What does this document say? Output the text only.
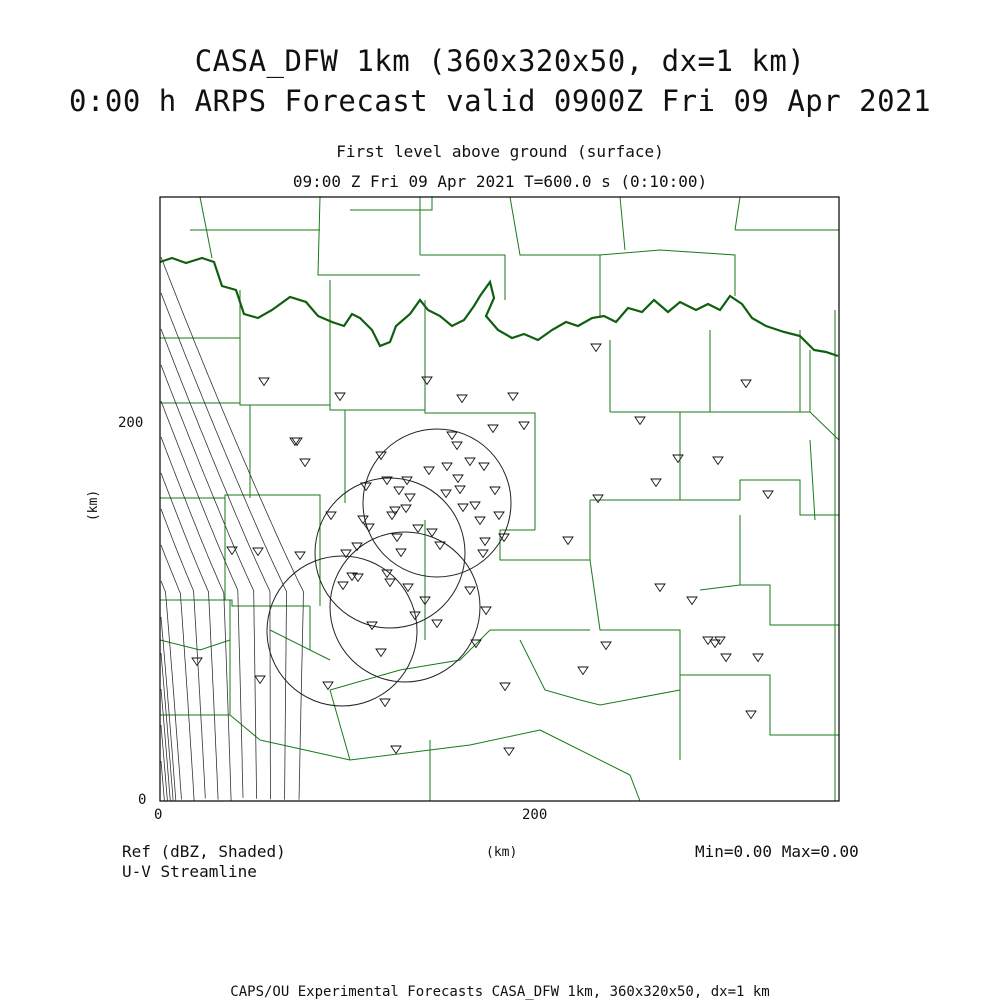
CASA_DFW 1km (360x320x50, dx=1 km)
0:00 h ARPS Forecast valid 0900Z Fri 09 Apr 2021
First level above ground (surface)
09:00 Z Fri 09 Apr 2021 T=600.0 s (0:10:00)
200
0
0	200
(km)
(km)
Ref (dBZ, Shaded)
U-V Streamline
Min=0.00 Max=0.00
CAPS/OU Experimental Forecasts CASA_DFW 1km, 360x320x50, dx=1 km
